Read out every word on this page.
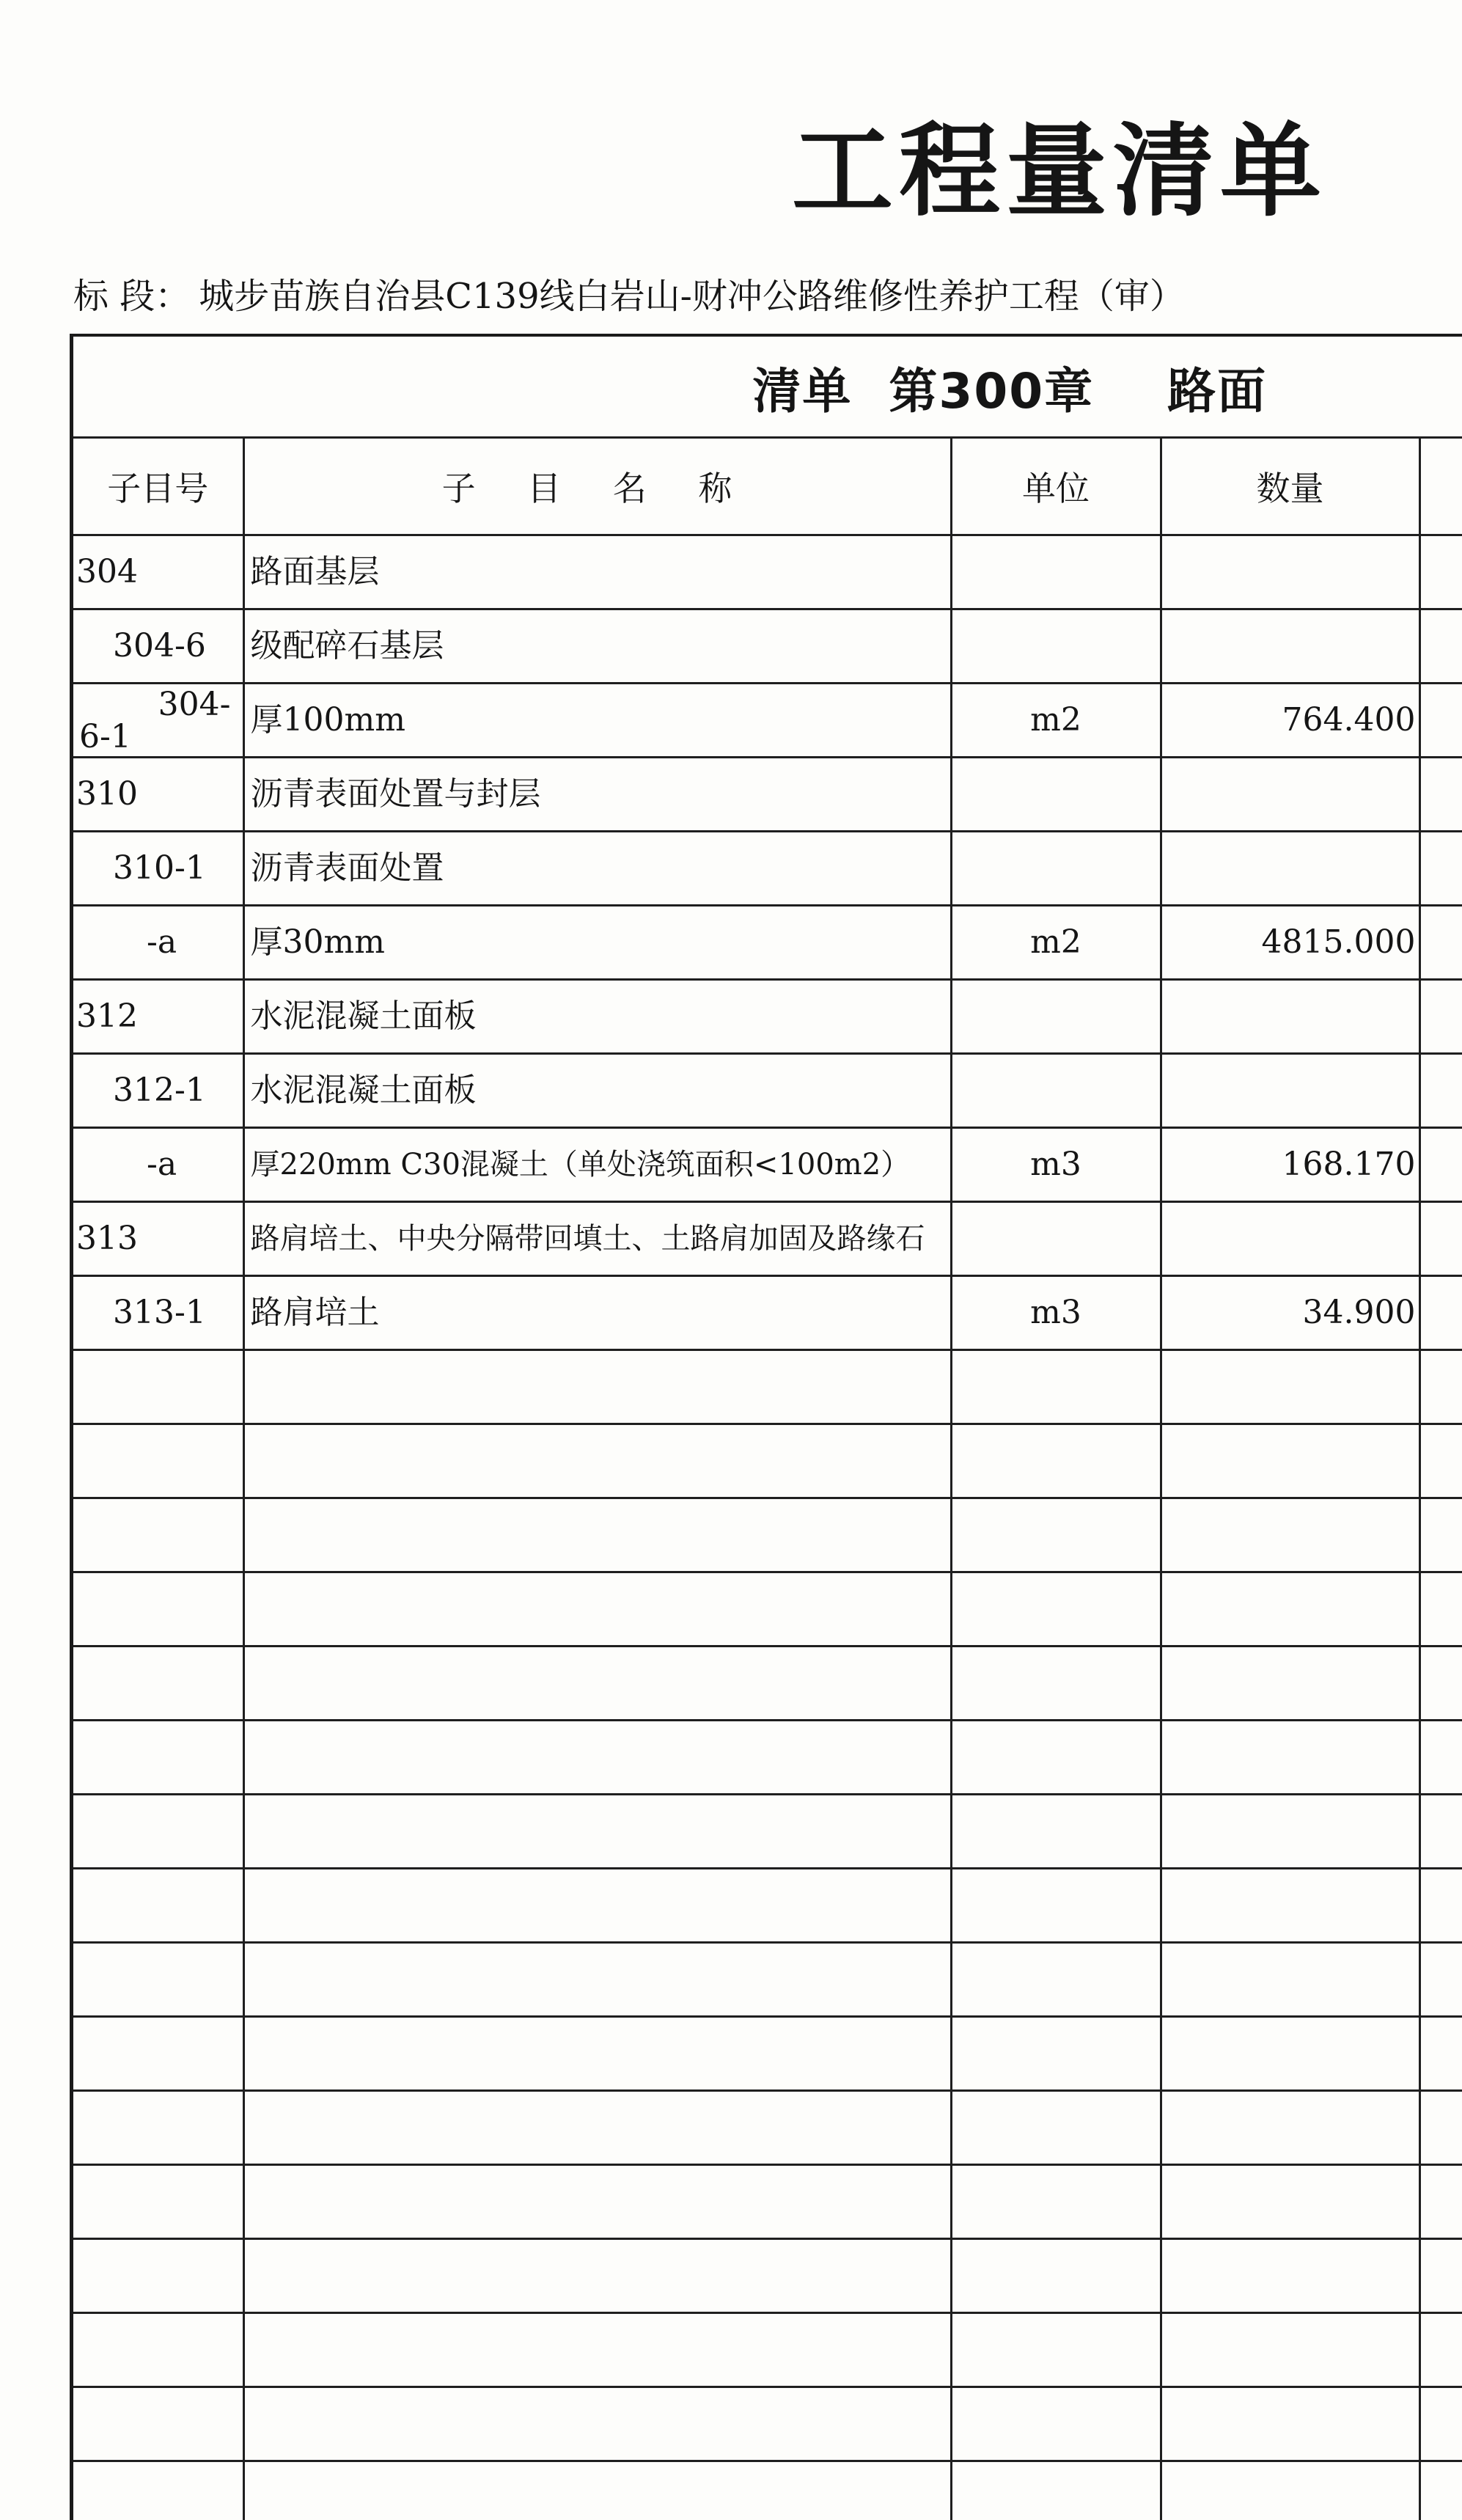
工程量清单
标 段： 城步苗族自治县C139线白岩山-财冲公路维修性养护工程（审）
清单  第300章    路面				

子目号	子 目 名 称	单位	数量	
304	路面基层			
304-6	级配碎石基层			

304-
6-1	厚100mm	m2	764.400	
310	沥青表面处置与封层			
310-1	沥青表面处置			
-a	厚30mm	m2	4815.000	
312	水泥混凝土面板			
312-1	水泥混凝土面板			
-a	厚220mm C30混凝土（单处浇筑面积<100m2）	m3	168.170	
313	路肩培土、中央分隔带回填土、土路肩加固及路缘石			
313-1	路肩培土	m3	34.900	
